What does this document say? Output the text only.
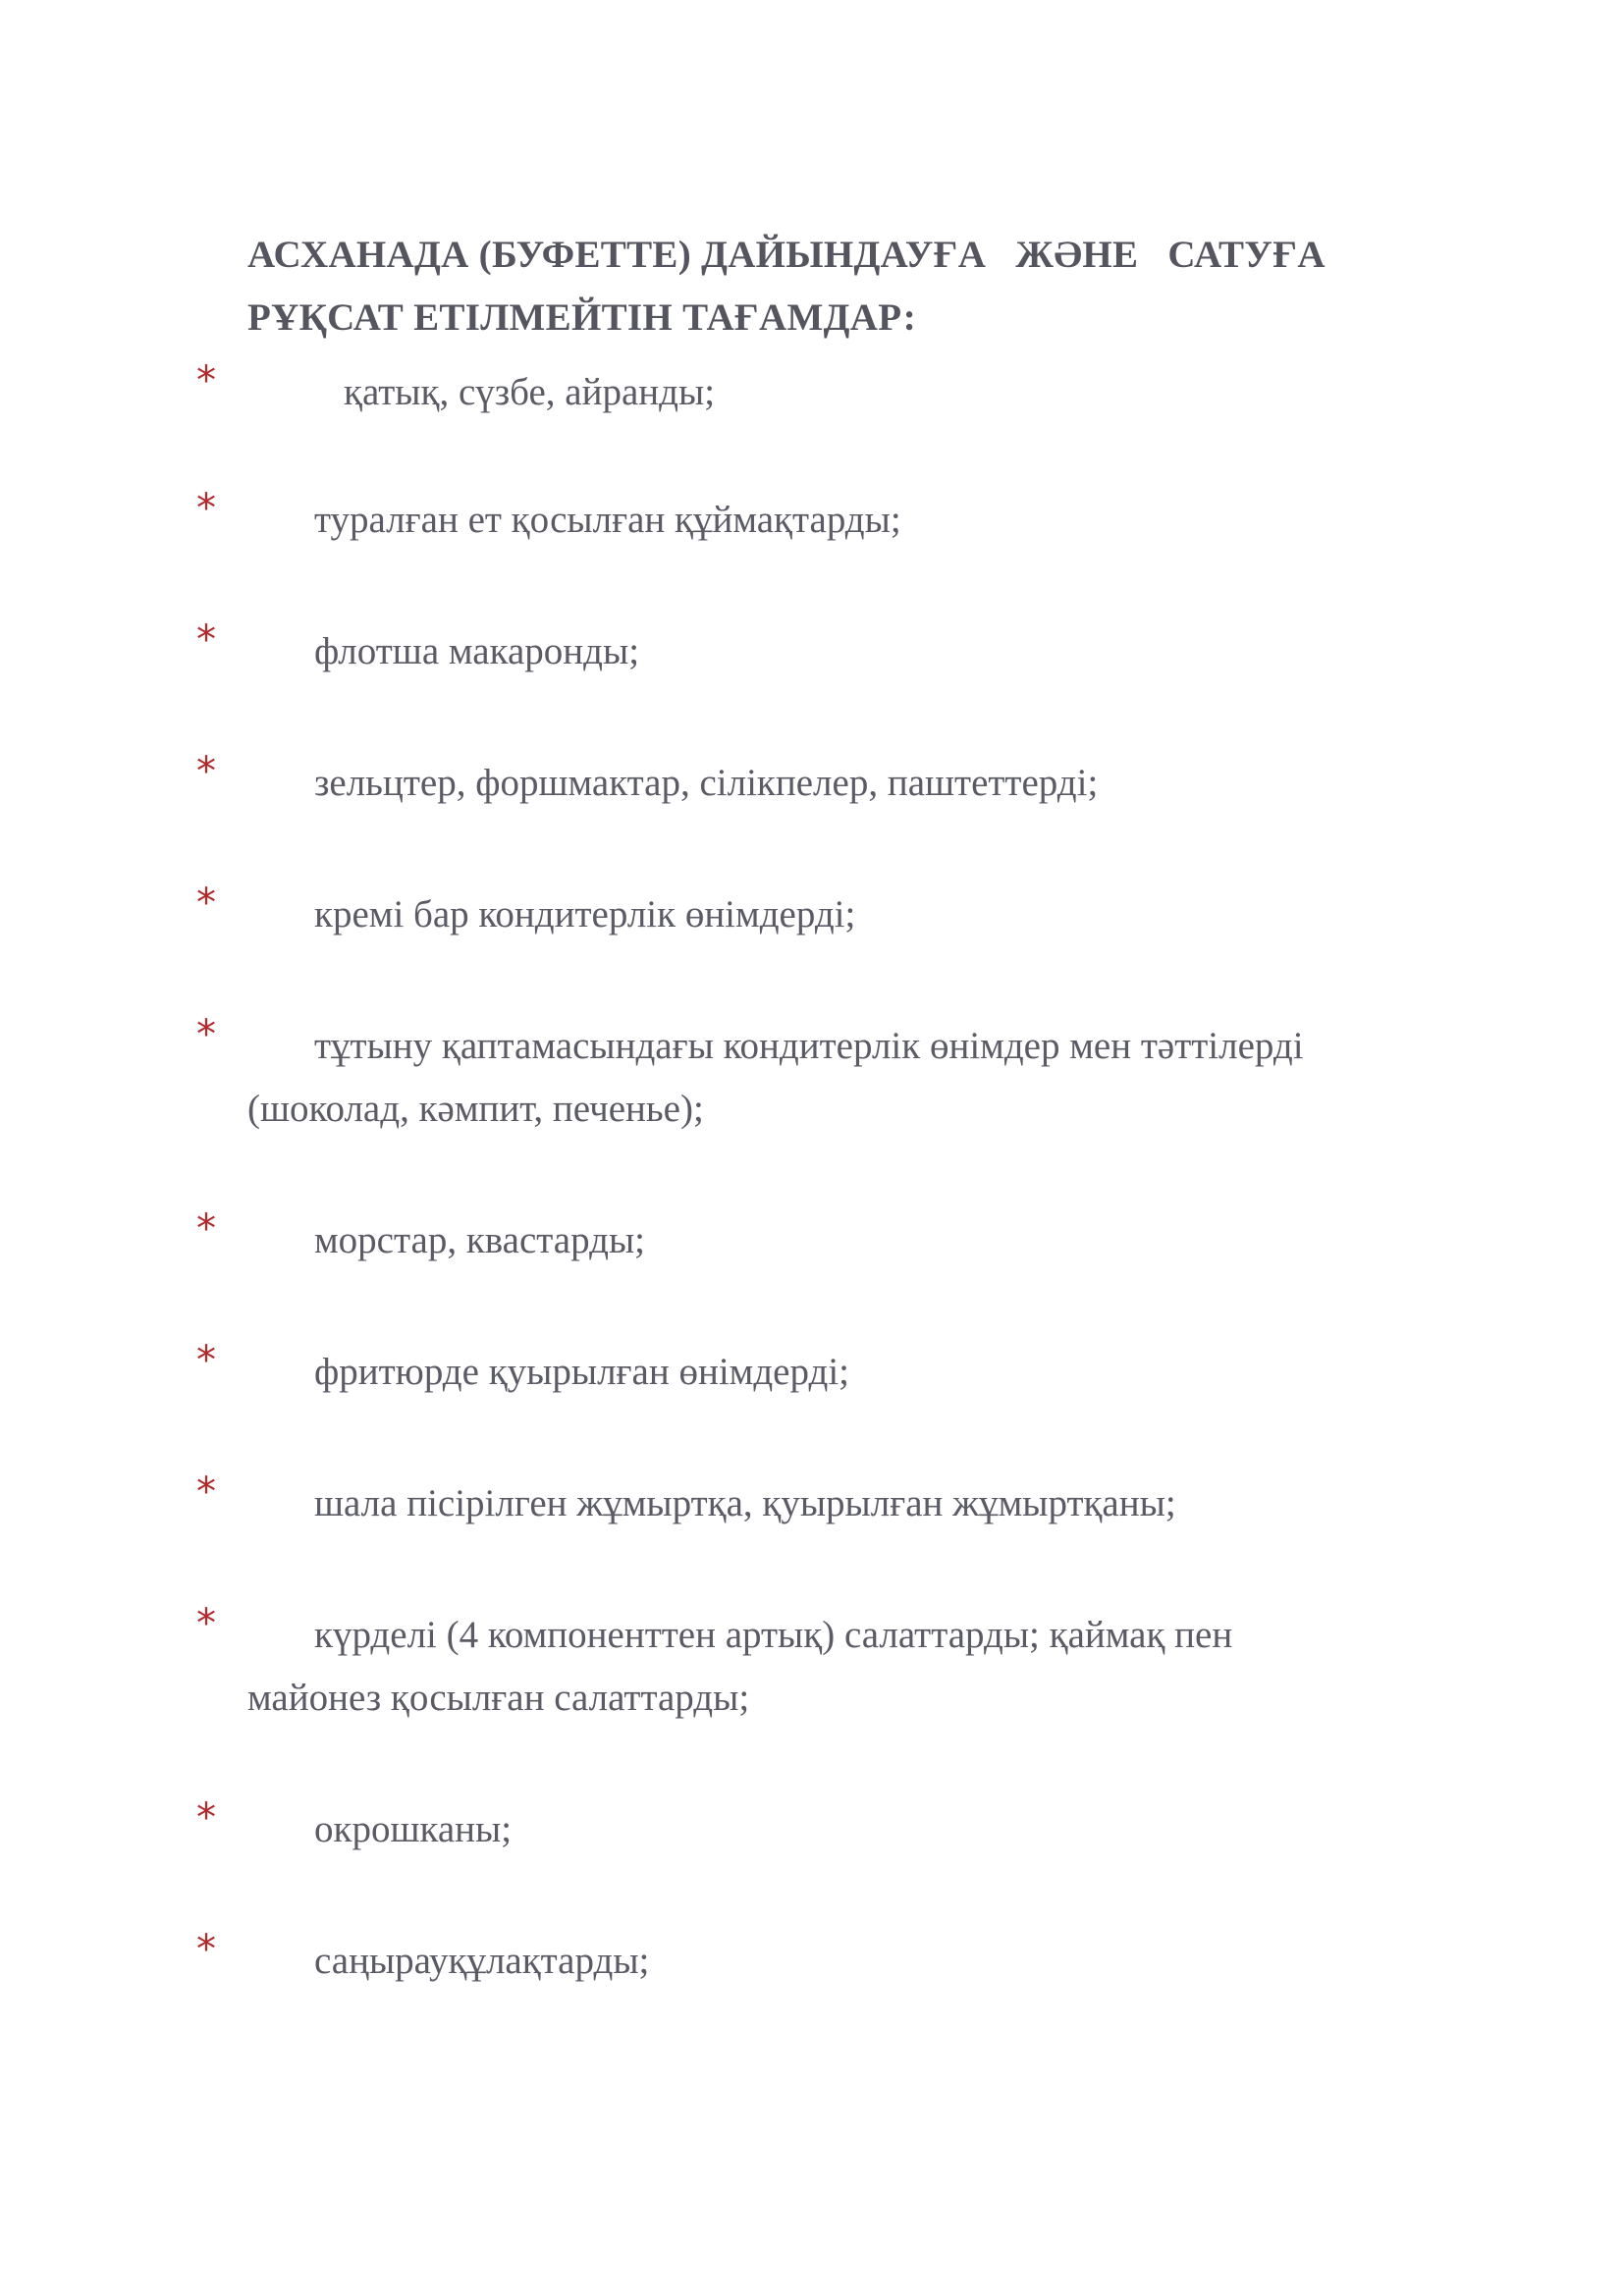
АСХАНАДА (БУФЕТТЕ) ДАЙЫНДАУҒА   ЖӘНЕ   САТУҒА
РҰҚСАТ ЕТІЛМЕЙТІН ТАҒАМДАР:
*	қатық, сүзбе, айранды;

*	туралған ет қосылған құймақтарды;

*	флотша макаронды;

*	зельцтер, форшмактар, сілікпелер, паштеттерді;

*	кремі бар кондитерлік өнімдерді;

*	тұтыну қаптамасындағы кондитерлік өнімдер мен тәттілерді (шоколад, кәмпит, печенье);

*	морстар, квастарды;

*	фритюрде қуырылған өнімдерді;

*	шала пісірілген жұмыртқа, қуырылған жұмыртқаны;

*	күрделі (4 компоненттен артық) салаттарды; қаймақ пен майонез қосылған салаттарды;

*	окрошканы;

*	саңырауқұлақтарды;
